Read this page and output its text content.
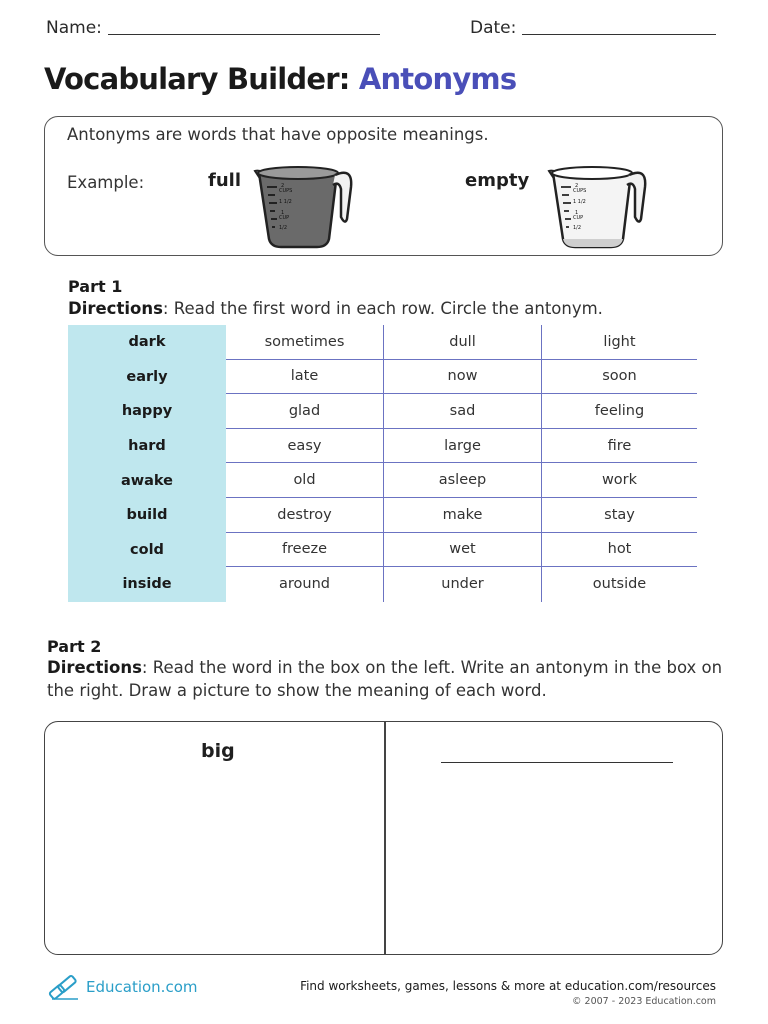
Name:	Date:
Vocabulary Builder: Antonyms
Antonyms are words that have opposite meanings.
Example:	full	2
CUPS
1 1/2
1
CUP
1/2
empty	2
CUPS
1 1/2
1
CUP
1/2
Part 1
Directions: Read the first word in each row. Circle the antonym.
dark	sometimes	dull	light
early	late	now	soon
happy	glad	sad	feeling
hard	easy	large	fire
awake	old	asleep	work
build	destroy	make	stay
cold	freeze	wet	hot
inside	around	under	outside
Part 2
Directions: Read the word in the box on the left. Write an antonym in the box on the right. Draw a picture to show the meaning of each word.
big
Education.com	Find worksheets, games, lessons & more at education.com/resources
© 2007 - 2023 Education.com
